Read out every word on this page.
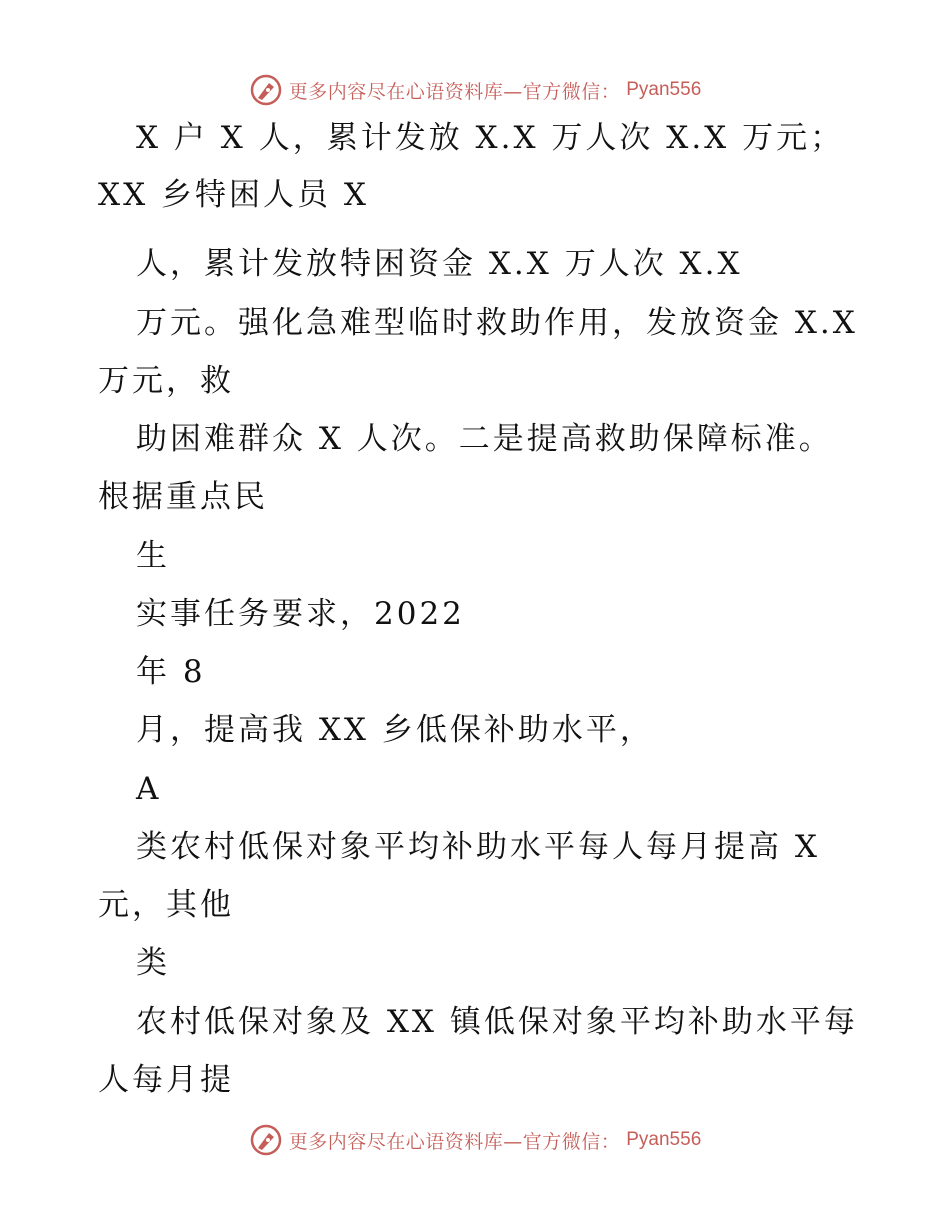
更多内容尽在心语资料库—官方微信： Pyan556
X 户 X 人，累计发放 X.X 万人次 X.X 万元；
XX 乡特困人员 X
人，累计发放特困资金 X.X 万人次 X.X
万元。强化急难型临时救助作用，发放资金 X.X
万元，救
助困难群众 X 人次。二是提高救助保障标准。
根据重点民
生
实事任务要求，2022
年 8
月，提高我 XX 乡低保补助水平，
A
类农村低保对象平均补助水平每人每月提高 X
元，其他
类
农村低保对象及 XX 镇低保对象平均补助水平每
人每月提
更多内容尽在心语资料库—官方微信： Pyan556
